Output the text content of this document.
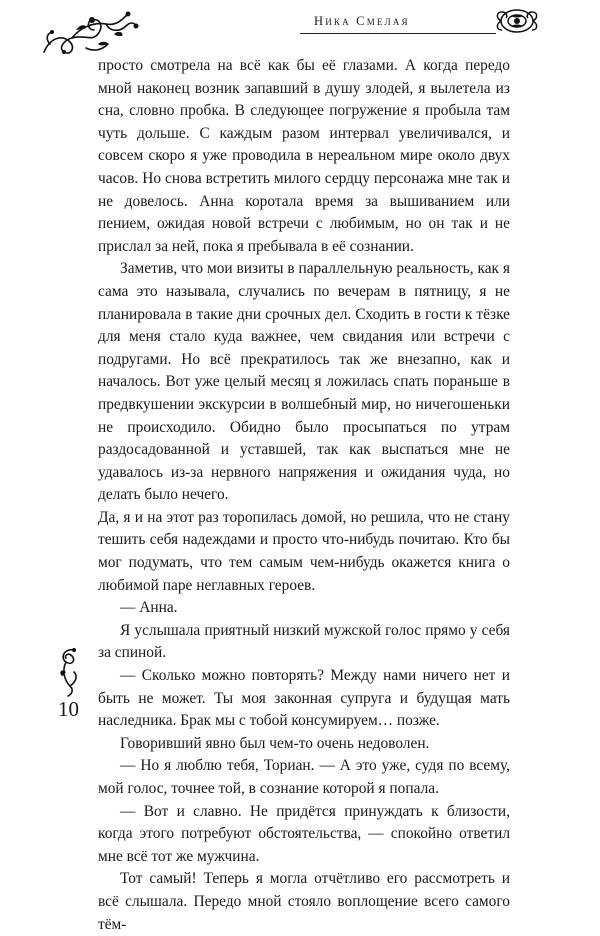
Ника Смелая

просто смотрела на всё как бы её глазами. А когда передо мной наконец возник запавший в душу злодей, я вылетела из сна, словно пробка. В следующее погружение я пробыла там чуть дольше. С каждым разом интервал увеличивался, и совсем скоро я уже проводила в нереальном мире около двух часов. Но снова встретить милого сердцу персонажа мне так и не довелось. Анна коротала время за вышиванием или пением, ожидая новой встречи с любимым, но он так и не прислал за ней, пока я пребывала в её сознании.

Заметив, что мои визиты в параллельную реальность, как я сама это называла, случались по вечерам в пятницу, я не планировала в такие дни срочных дел. Сходить в гости к тёзке для меня стало куда важнее, чем свидания или встречи с подругами. Но всё прекратилось так же внезапно, как и началось. Вот уже целый месяц я ложилась спать пораньше в предвкушении экскурсии в волшебный мир, но ничегошеньки не происходило. Обидно было просыпаться по утрам раздосадованной и уставшей, так как выспаться мне не удавалось из-за нервного напряжения и ожидания чуда, но делать было нечего.

Да, я и на этот раз торопилась домой, но решила, что не стану тешить себя надеждами и просто что-нибудь почитаю. Кто бы мог подумать, что тем самым чем-нибудь окажется книга о любимой паре неглавных героев.

— Анна.

Я услышала приятный низкий мужской голос прямо у себя за спиной.

— Сколько можно повторять? Между нами ничего нет и быть не может. Ты моя законная супруга и будущая мать наследника. Брак мы с тобой консумируем… позже.

Говоривший явно был чем-то очень недоволен.

— Но я люблю тебя, Ториан. — А это уже, судя по всему, мой голос, точнее той, в сознание которой я попала.

— Вот и славно. Не придётся принуждать к близости, когда этого потребуют обстоятельства, — спокойно ответил мне всё тот же мужчина.

Тот самый! Теперь я могла отчётливо его рассмотреть и всё слышала. Передо мной стояло воплощение всего самого тём-

10
